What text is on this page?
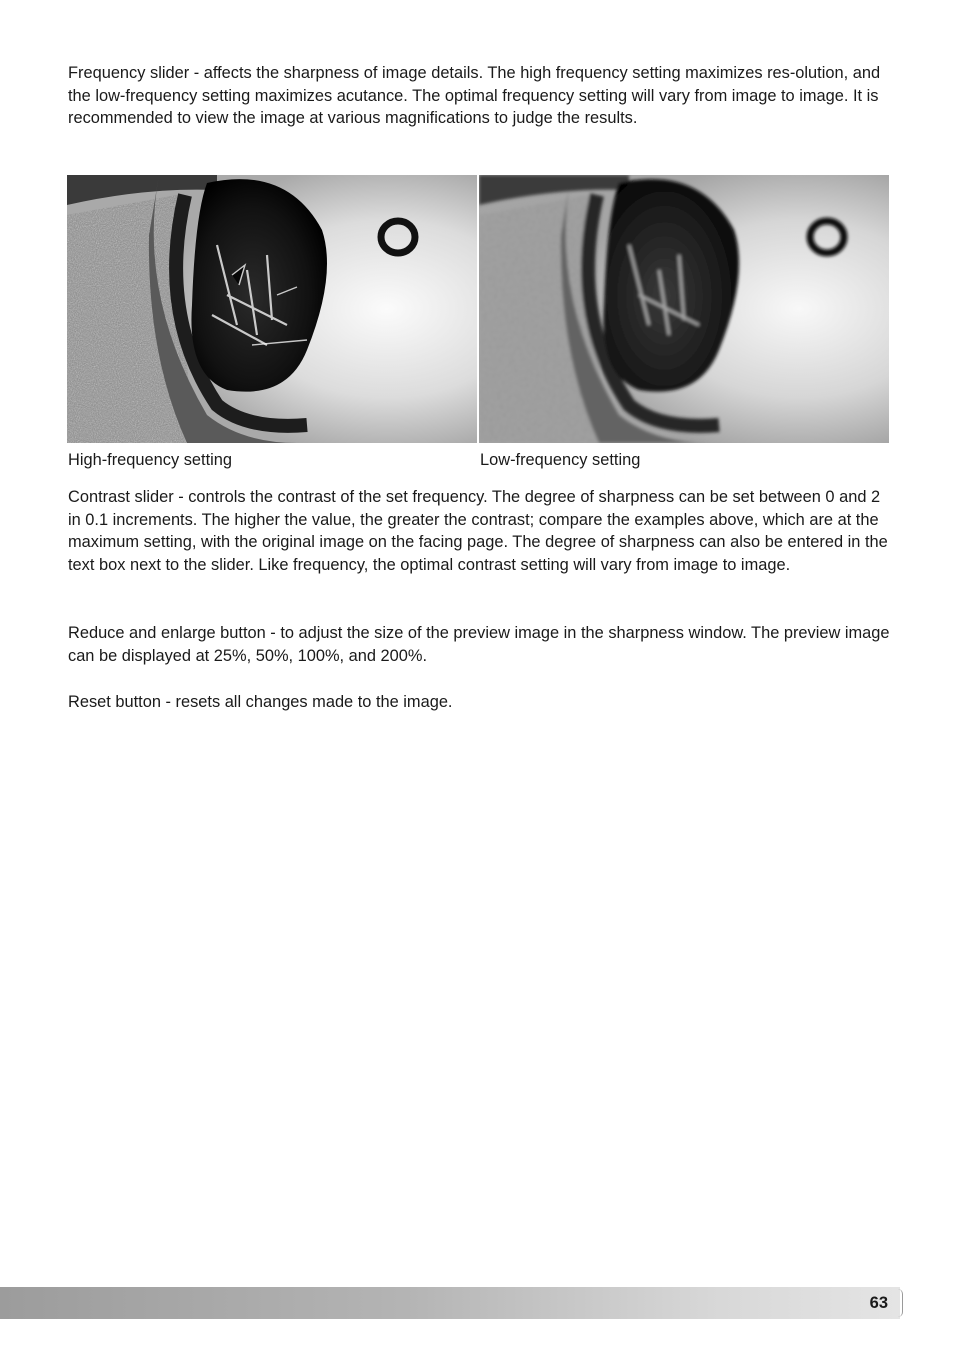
Frequency slider - affects the sharpness of image details. The high frequency setting maximizes res-olution, and the low-frequency setting maximizes acutance. The optimal frequency setting will vary from image to image. It is recommended to view the image at various magnifications to judge the results.

High-frequency setting	Low-frequency setting

Contrast slider - controls the contrast of the set frequency. The degree of sharpness can be set between 0 and 2 in 0.1 increments. The higher the value, the greater the contrast; compare the examples above, which are at the maximum setting, with the original image on the facing page. The degree of sharpness can also be entered in the text box next to the slider. Like frequency, the optimal contrast setting will vary from image to image.

Reduce and enlarge button - to adjust the size of the preview image in the sharpness window. The preview image can be displayed at 25%, 50%, 100%, and 200%.

Reset button - resets all changes made to the image.

63
